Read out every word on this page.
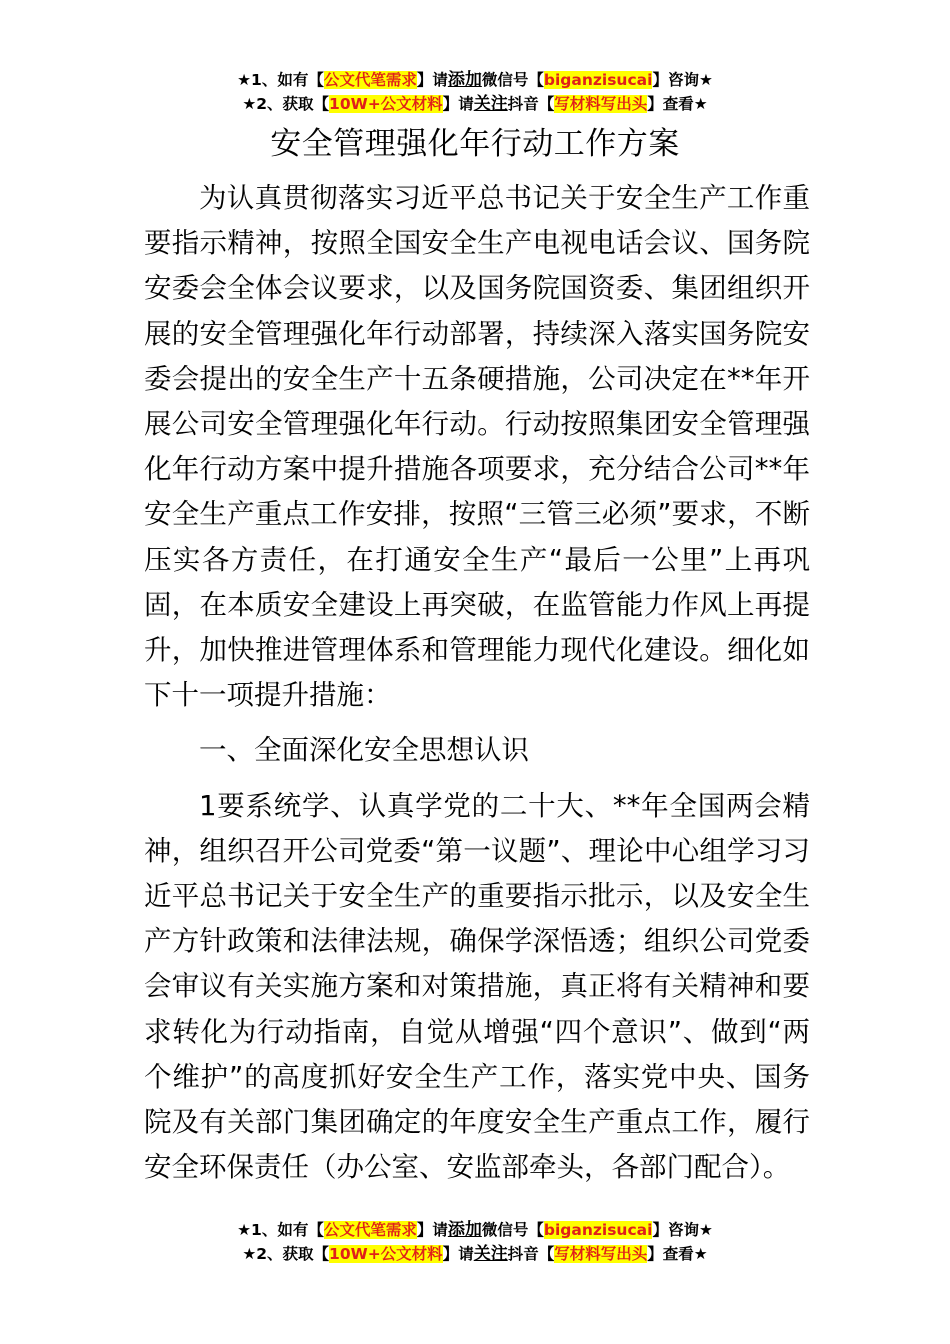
★1、如有【公文代笔需求】请添加微信号【biganzisucai】咨询★
★2、获取【10W+公文材料】请关注抖音【写材料写出头】查看★
安全管理强化年行动工作方案

为认真贯彻落实习近平总书记关于安全生产工作重要指示精神，按照全国安全生产电视电话会议、国务院安委会全体会议要求，以及国务院国资委、集团组织开展的安全管理强化年行动部署，持续深入落实国务院安委会提出的安全生产十五条硬措施，公司决定在**年开展公司安全管理强化年行动。行动按照集团安全管理强化年行动方案中提升措施各项要求，充分结合公司**年安全生产重点工作安排，按照“三管三必须”要求，不断压实各方责任，在打通安全生产“最后一公里”上再巩固，在本质安全建设上再突破，在监管能力作风上再提升，加快推进管理体系和管理能力现代化建设。细化如下十一项提升措施：

一、全面深化安全思想认识

1要系统学、认真学党的二十大、**年全国两会精神，组织召开公司党委“第一议题”、理论中心组学习习近平总书记关于安全生产的重要指示批示，以及安全生产方针政策和法律法规，确保学深悟透；组织公司党委会审议有关实施方案和对策措施，真正将有关精神和要求转化为行动指南，自觉从增强“四个意识”、做到“两个维护”的高度抓好安全生产工作，落实党中央、国务院及有关部门集团确定的年度安全生产重点工作，履行安全环保责任（办公室、安监部牵头，各部门配合）。

★1、如有【公文代笔需求】请添加微信号【biganzisucai】咨询★
★2、获取【10W+公文材料】请关注抖音【写材料写出头】查看★
